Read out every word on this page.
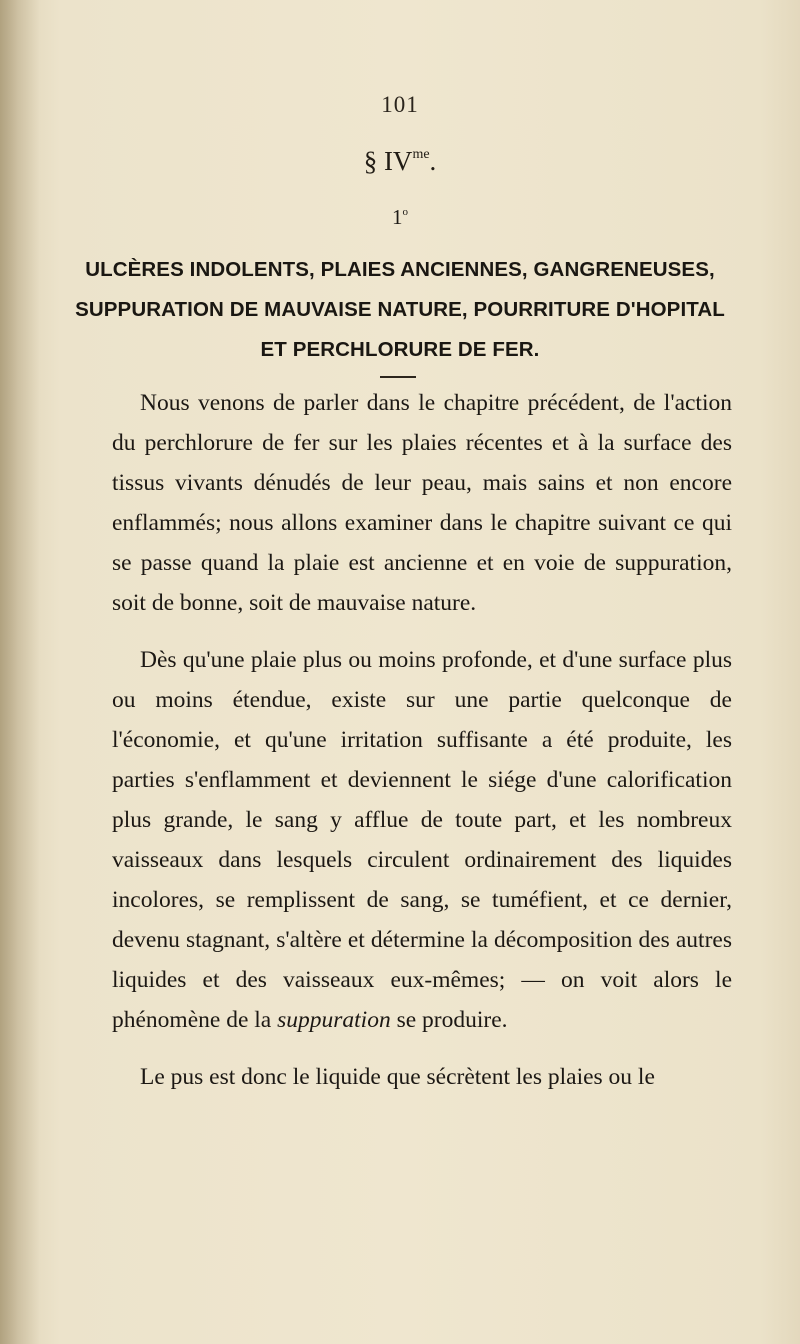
101
§ $IV^{me}$.
1$^o$
ULCÈRES INDOLENTS, PLAIES ANCIENNES, GANGRENEUSES,
SUPPURATION DE MAUVAISE NATURE, POURRITURE D'HOPITAL
ET PERCHLORURE DE FER.

Nous venons de parler dans le chapitre précédent, de l'action du perchlorure de fer sur les plaies récentes et à la surface des tissus vivants dénudés de leur peau, mais sains et non encore enflammés; nous allons examiner dans le chapitre suivant ce qui se passe quand la plaie est ancienne et en voie de suppuration, soit de bonne, soit de mauvaise nature.

Dès qu'une plaie plus ou moins profonde, et d'une surface plus ou moins étendue, existe sur une partie quelconque de l'économie, et qu'une irritation suffisante a été produite, les parties s'enflamment et deviennent le siége d'une calorification plus grande, le sang y afflue de toute part, et les nombreux vaisseaux dans lesquels circulent ordinairement des liquides incolores, se remplissent de sang, se tuméfient, et ce dernier, devenu stagnant, s'altère et détermine la décomposition des autres liquides et des vaisseaux eux-mêmes; — on voit alors le phénomène de la suppuration se produire.

Le pus est donc le liquide que sécrètent les plaies ou le
